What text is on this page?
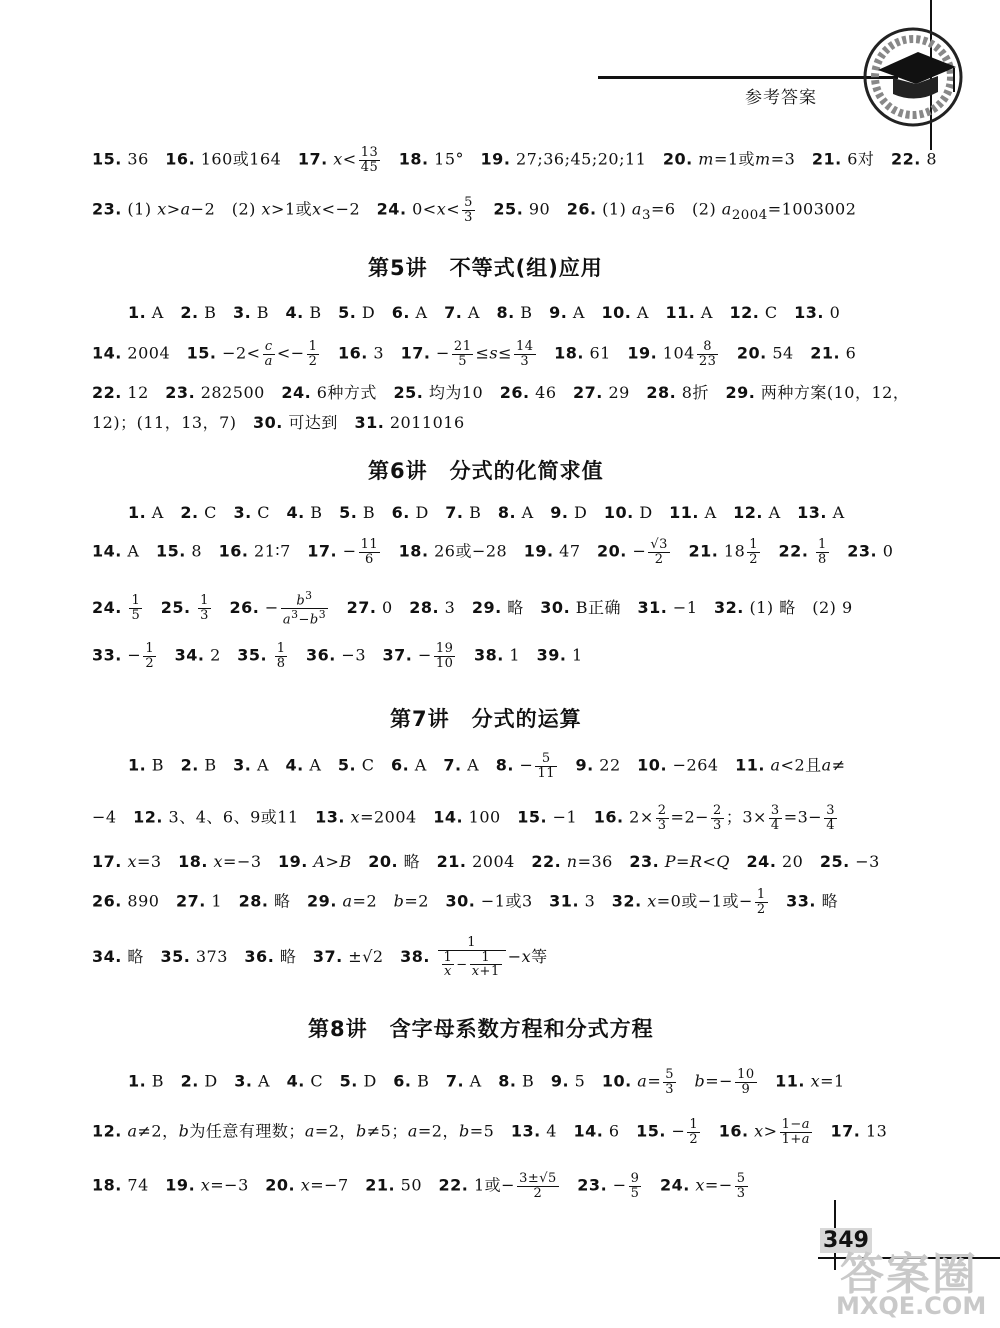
参考答案
15. 36　16. 160或164　17. $x< \frac{13}{45}$
　 18. 15°　19. 27;36;45;20;11　20. m=1或m=3　21. 6对　22. 8
23. (1) x>a−2　(2) x>1或x<−2　24. $0<x< \frac{5}{3}$
　 25. 90　26. (1) $a_3=6$　(2) $a_{2004}=1003002$
第5讲　不等式(组)应用
1. A　2. B　3. B　4. B　5. D　6. A　7. A　8. B　9. A　10. A　11. A　12. C　13. 0
14. 2004　15. $-2< \frac{c}{a} <- \frac{1}{2}$
　 16. 3　17. − $\frac{21}{5} \le s\le \frac{14}{3}$
　 18. 61　19. $104 \frac{8}{23}$
　 20. 54　21. 6
22. 12　23. 282500　24. 6种方式　25. 均为10　26. 46　27. 29　28. 8折　29. 两种方案(10，12，
12)；(11，13，7)　30. 可达到　31. 2011016
第6讲　分式的化简求值
1. A　2. C　3. C　4. B　5. B　6. D　7. B　8. A　9. D　10. D　11. A　12. A　13. A
14. A　15. 8　16. 21∶7　17. − $\frac{11}{6}$
　 18. 26或−28　19. 47　20. − $\frac{√3}{2}$
　 21. $18 \frac{1}{2}$
　 22. $\frac{1}{8}$
　 23. 0
24. $\frac{1}{5}$
　 25. $\frac{1}{3}$
　 26. − $\frac{b^3}{a^3-b^3}$
　 27. 0　28. 3　29. 略　30. B正确　31. −1　32. (1) 略　(2) 9
33. − $\frac{1}{2}$
　 34. 2　35. $\frac{1}{8}$
　 36. −3　37. − $\frac{19}{10}$
　 38. 1　39. 1
第7讲　分式的运算
1. B　2. B　3. A　4. A　5. C　6. A　7. A　8. − $\frac{5}{11}$
　 9. 22　10. −264　11. a<2且a≠
−4　12. 3、4、6、9或11　13. x=2004　14. 100　15. −1　16. $2\times \frac{2}{3} =2- \frac{2}{3}$ ；$3\times \frac{3}{4} =3- \frac{3}{4}$
17. x=3　18. x=−3　19. A>B　 20. 略　21. 2004　22. n=36　23. P=R<Q　 24. 20　25. −3
26. 890　27. 1　28. 略　29. a=2　b=2　30. −1或3　31. 3　32. x=0或−1或− $\frac{1}{2}$
　 33. 略
34. 略　35. 373　36. 略　37. ±√2　38. $\frac{1}{\frac{1}{x} - \frac{1}{x+1}} -x$等
第8讲　含字母系数方程和分式方程
1. B　2. D　3. A　4. C　5. D　6. B　7. A　8. B　9. 5　10. $a= \frac{5}{3}$
　 $b=- \frac{10}{9}$
　 11. x=1
12. a≠2，b为任意有理数；a=2，b≠5；a=2，b=5　13. 4　14. 6　15. − $\frac{1}{2}$
　 16. $x> \frac{1-a}{1+a}$
　 17. 13
18. 74　19. x=−3　20. x=−7　21. 50　22. 1或− $\frac{3\pm√5}{2}$
　 23. − $\frac{9}{5}$
　 24. $x=- \frac{5}{3}$
349
答案圈
MXQE.COM
